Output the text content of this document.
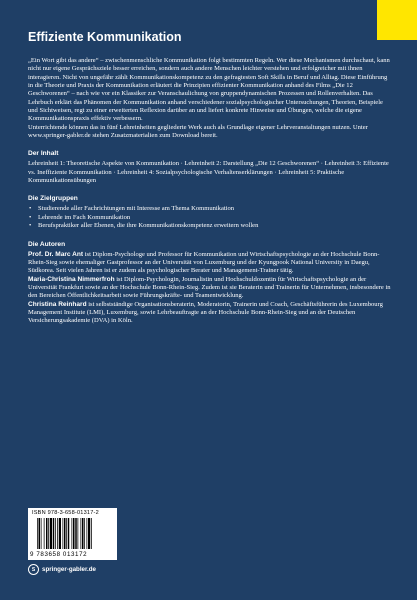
Effiziente Kommunikation

„Ein Wort gibt das andere“ – zwischenmenschliche Kommunikation folgt bestimmten Regeln. Wer diese Mechanismen durchschaut, kann nicht nur eigene Gesprächsziele besser erreichen, sondern auch andere Menschen leichter verstehen und erfolgreicher mit ihnen interagieren. Nicht von ungefähr zählt Kommunikationskompetenz zu den gefragtesten Soft Skills in Beruf und Alltag. Diese Einführung in die Theorie und Praxis der Kommunikation erläutert die Prinzipien effizienter Kommunikation anhand des Films „Die 12 Geschworenen“ – nach wie vor ein Klassiker zur Veranschaulichung von gruppendynamischen Prozessen und Rollenverhalten. Das Lehrbuch erklärt das Phänomen der Kommunikation anhand verschiedener sozialpsychologischer Untersuchungen, Theorien, Beispiele und Sichtweisen, regt zu einer erweiterten Reflexion darüber an und liefert konkrete Hinweise und Übungen, welche die eigene Kommunikationspraxis effektiv verbessern.

Unterrichtende können das in fünf Lehreinheiten gegliederte Werk auch als Grundlage eigener Lehrveranstaltungen nutzen. Unter www.springer-gabler.de stehen Zusatzmaterialien zum Download bereit.

Der Inhalt

Lehreinheit 1: Theoretische Aspekte von Kommunikation · Lehreinheit 2: Darstellung „Die 12 Geschworenen“ · Lehreinheit 3: Effiziente vs. Ineffiziente Kommunikation · Lehreinheit 4: Sozialpsychologische Verhaltenserklärungen · Lehreinheit 5: Praktische Kommunikationsübungen

Die Zielgruppen
• Studierende aller Fachrichtungen mit Interesse am Thema Kommunikation
• Lehrende im Fach Kommunikation
• Berufspraktiker aller Ebenen, die ihre Kommunikationskompetenz erweitern wollen
Die Autoren

Prof. Dr. Marc Ant ist Diplom-Psychologe und Professor für Kommunikation und Wirtschaftspsychologie an der Hochschule Bonn-Rhein-Sieg sowie ehemaliger Gastprofessor an der Universität von Luxemburg und der Kyungpook National University in Daegu, Südkorea. Seit vielen Jahren ist er zudem als psychologischer Berater und Management-Trainer tätig.

Maria-Christina Nimmerfroh ist Diplom-Psychologin, Journalistin und Hochschuldozentin für Wirtschaftspsychologie an der Universität Frankfurt sowie an der Hochschule Bonn-Rhein-Sieg. Zudem ist sie Beraterin und Trainerin für Unternehmen, insbesondere in den Bereichen Öffentlichkeitsarbeit sowie Führungskräfte- und Teamentwicklung.

Christina Reinhard ist selbstständige Organisationsberaterin, Moderatorin, Trainerin und Coach, Geschäftsführerin des Luxembourg Management Institute (LMI), Luxemburg, sowie Lehrbeauftragte an der Hochschule Bonn-Rhein-Sieg und an der Deutschen Versicherungsakademie (DVA) in Köln.

ISBN 978-3-658-01317-2
9 783658 013172
S	springer-gabler.de
